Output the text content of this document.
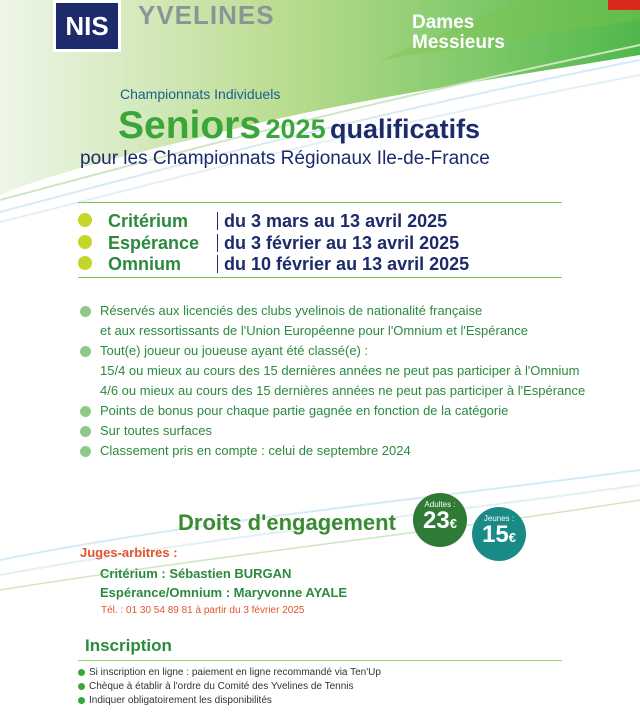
NIS	YVELINES	Dames
Messieurs
Championnats Individuels
Seniors 2025 qualificatifs
pour les Championnats Régionaux Ile-de-France
Critérium du 3 mars au 13 avril 2025
Espérance du 3 février au 13 avril 2025
Omnium du 10 février au 13 avril 2025
Réservés aux licenciés des clubs yvelinois de nationalité française
et aux ressortissants de l'Union Européenne pour l'Omnium et l'Espérance
Tout(e) joueur ou joueuse ayant été classé(e) :
15/4 ou mieux au cours des 15 dernières années ne peut pas participer à l'Omnium
4/6 ou mieux au cours des 15 dernières années ne peut pas participer à l'Espérance
Points de bonus pour chaque partie gagnée en fonction de la catégorie
Sur toutes surfaces
Classement pris en compte : celui de septembre 2024
Droits d'engagement
Adultes :
23€	Jeunes :
15€
Juges-arbitres :
Critérium : Sébastien BURGAN
Espérance/Omnium : Maryvonne AYALE
Tél. : 01 30 54 89 81 à partir du 3 février 2025
Inscription
Si inscription en ligne : paiement en ligne recommandé via Ten'Up
Chèque à établir à l'ordre du Comité des Yvelines de Tennis
Indiquer obligatoirement les disponibilités
